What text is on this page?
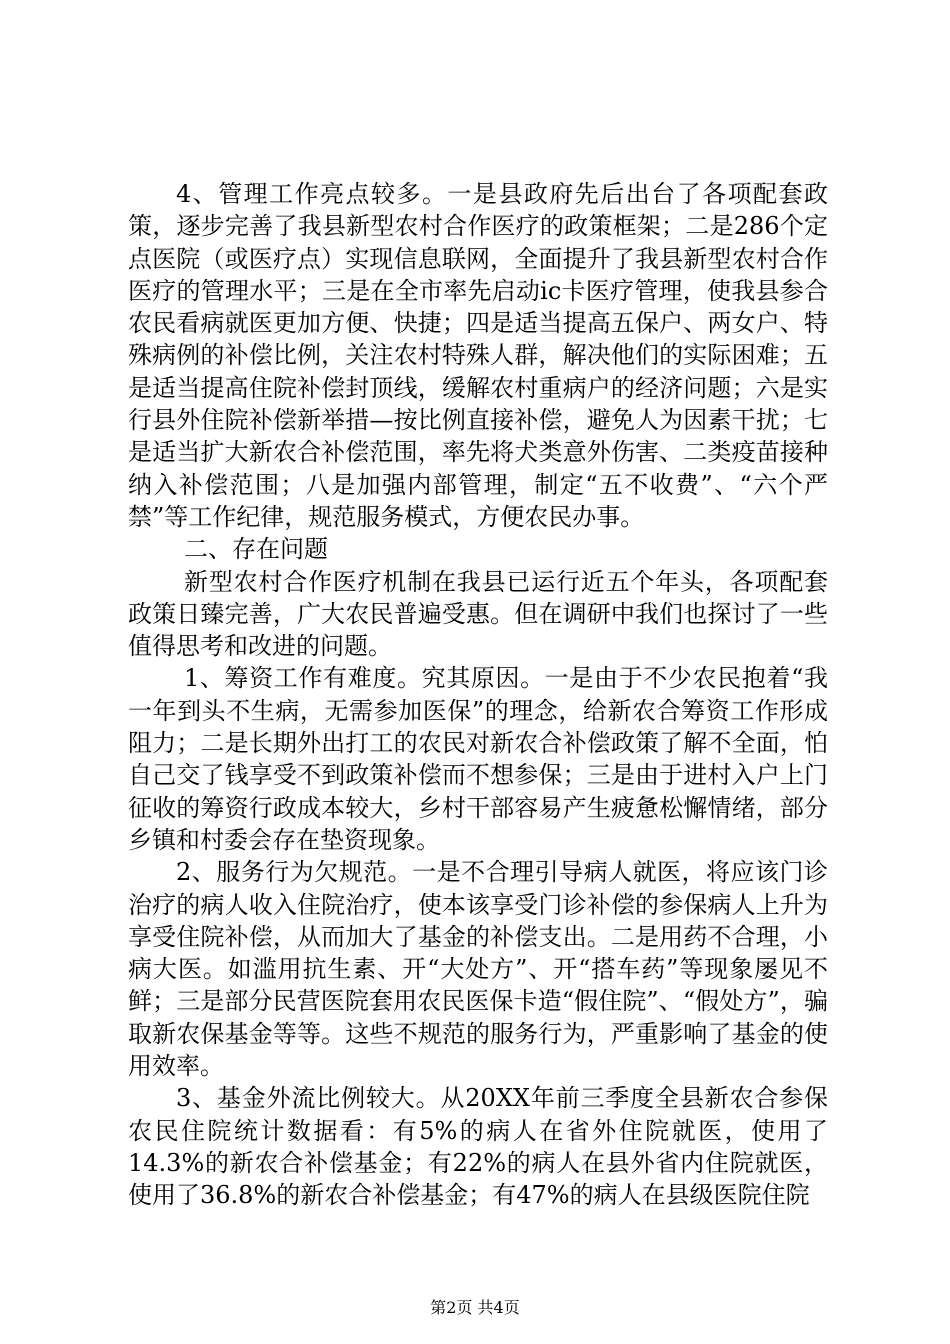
4、管理工作亮点较多。一是县政府先后出台了各项配套政策，逐步完善了我县新型农村合作医疗的政策框架；二是286个定点医院（或医疗点）实现信息联网，全面提升了我县新型农村合作医疗的管理水平；三是在全市率先启动ic卡医疗管理，使我县参合农民看病就医更加方便、快捷；四是适当提高五保户、两女户、特殊病例的补偿比例，关注农村特殊人群，解决他们的实际困难；五是适当提高住院补偿封顶线，缓解农村重病户的经济问题；六是实行县外住院补偿新举措—按比例直接补偿，避免人为因素干扰；七是适当扩大新农合补偿范围，率先将犬类意外伤害、二类疫苗接种纳入补偿范围；八是加强内部管理，制定“五不收费”、“六个严禁”等工作纪律，规范服务模式，方便农民办事。

二、存在问题

新型农村合作医疗机制在我县已运行近五个年头，各项配套政策日臻完善，广大农民普遍受惠。但在调研中我们也探讨了一些值得思考和改进的问题。

1、筹资工作有难度。究其原因。一是由于不少农民抱着“我一年到头不生病，无需参加医保”的理念，给新农合筹资工作形成阻力；二是长期外出打工的农民对新农合补偿政策了解不全面，怕自己交了钱享受不到政策补偿而不想参保；三是由于进村入户上门征收的筹资行政成本较大，乡村干部容易产生疲惫松懈情绪，部分乡镇和村委会存在垫资现象。

2、服务行为欠规范。一是不合理引导病人就医，将应该门诊治疗的病人收入住院治疗，使本该享受门诊补偿的参保病人上升为享受住院补偿，从而加大了基金的补偿支出。二是用药不合理，小病大医。如滥用抗生素、开“大处方”、开“搭车药”等现象屡见不鲜；三是部分民营医院套用农民医保卡造“假住院”、“假处方”，骗取新农保基金等等。这些不规范的服务行为，严重影响了基金的使用效率。

3、基金外流比例较大。从20XX年前三季度全县新农合参保农民住院统计数据看：有5%的病人在省外住院就医，使用了14.3%的新农合补偿基金；有22%的病人在县外省内住院就医，使用了36.8%的新农合补偿基金；有47%的病人在县级医院住院

第2页 共4页
